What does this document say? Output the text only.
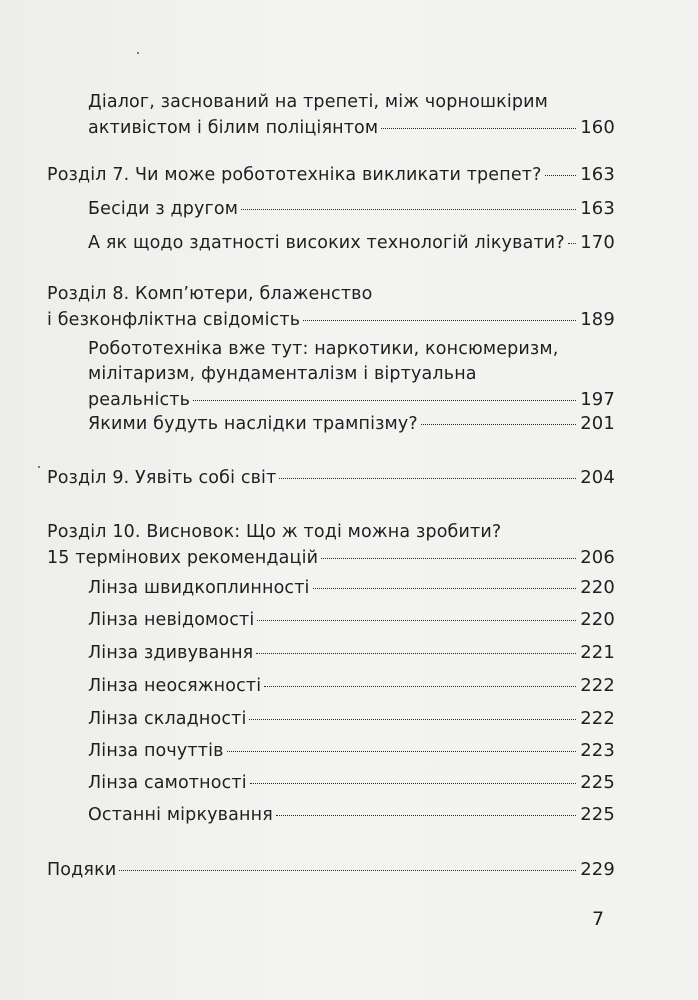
Діалог, заснований на трепеті, між чорношкірим
активістом і білим поліціянтом	160
Розділ 7. Чи може робототехніка викликати трепет? 163
Бесіди з другом	163
А як щодо здатності високих технологій лікувати? 170
Розділ 8. Комп’ютери, блаженство
і безконфліктна свідомість	189
Робототехніка вже тут: наркотики, консюмеризм,
мілітаризм, фундаменталізм і віртуальна
реальність	197
Якими будуть наслідки трампізму?	201
Розділ 9. Уявіть собі світ	204
Розділ 10. Висновок: Що ж тоді можна зробити?
15 термінових рекомендацій	206
Лінза швидкоплинності	220
Лінза невідомості	220
Лінза здивування	221
Лінза неосяжності	222
Лінза складності	222
Лінза почуттів	223
Лінза самотності	225
Останні міркування	225
Подяки	229
7
